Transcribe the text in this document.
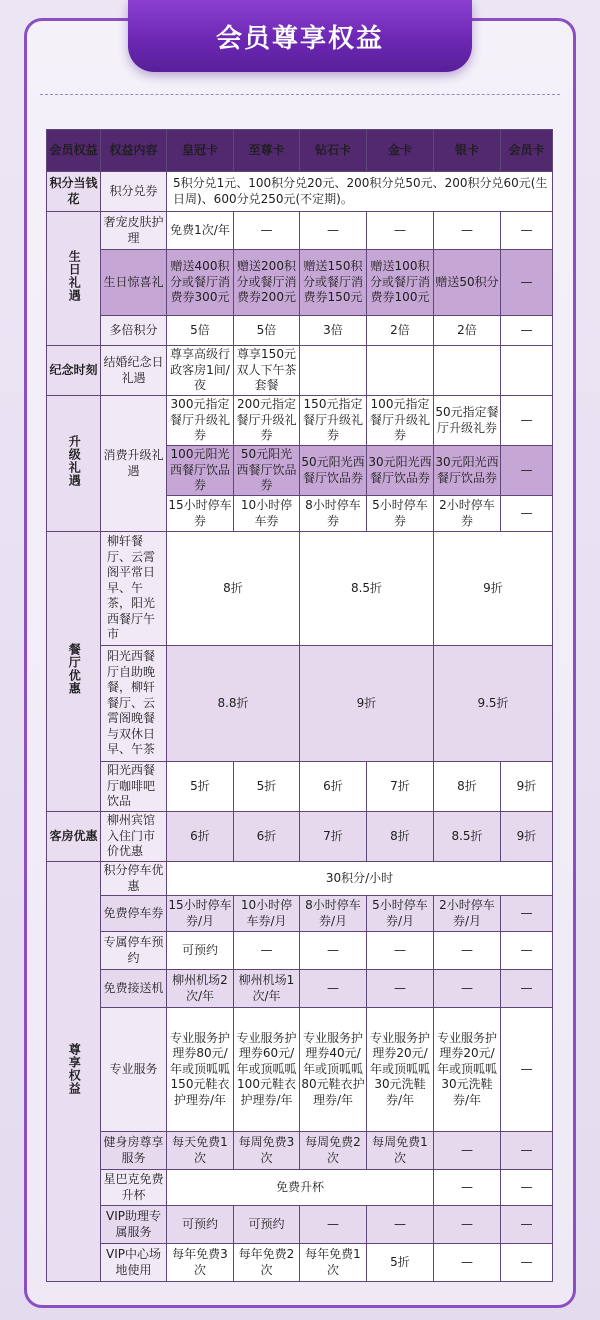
会员尊享权益
会员权益	权益内容	皇冠卡	至尊卡	钻石卡	金卡	银卡	会员卡
积分当钱花	积分兑券	5积分兑1元、100积分兑20元、200积分兑50元、200积分兑60元(生日周)、600分兑250元(不定期)。					
生日礼遇	奢宠皮肤护理	免费1次/年	—	—	—	—	—
	生日惊喜礼	赠送400积分或餐厅消费券300元	赠送200积分或餐厅消费券200元	赠送150积分或餐厅消费券150元	赠送100积分或餐厅消费券100元	赠送50积分	—
	多倍积分	5倍	5倍	3倍	2倍	2倍	—
纪念时刻	结婚纪念日礼遇	尊享高级行政客房1间/夜	尊享150元双人下午茶套餐				
升级礼遇	消费升级礼遇	300元指定餐厅升级礼券	200元指定餐厅升级礼券	150元指定餐厅升级礼券	100元指定餐厅升级礼券	50元指定餐厅升级礼券	—
		100元阳光西餐厅饮品券	50元阳光西餐厅饮品券	50元阳光西餐厅饮品券	30元阳光西餐厅饮品券	30元阳光西餐厅饮品券	—
		15小时停车券	10小时停车券	8小时停车券	5小时停车券	2小时停车券	—
餐厅优惠	柳轩餐厅、云霄阁平常日早、午茶，阳光西餐厅午市	8折		8.5折		9折	
	阳光西餐厅自助晚餐，柳轩餐厅、云霄阁晚餐与双休日早、午茶	8.8折		9折		9.5折	
	阳光西餐厅咖啡吧饮品	5折	5折	6折	7折	8折	9折
客房优惠	柳州宾馆入住门市价优惠	6折	6折	7折	8折	8.5折	9折
尊享权益	积分停车优惠	30积分/小时					
	免费停车券	15小时停车券/月	10小时停车券/月	8小时停车券/月	5小时停车券/月	2小时停车券/月	—
	专属停车预约	可预约	—	—	—	—	—
	免费接送机	柳州机场2次/年	柳州机场1次/年	—	—	—	—
	专业服务	专业服务护理券80元/年或顶呱呱150元鞋衣护理券/年	专业服务护理券60元/年或顶呱呱100元鞋衣护理券/年	专业服务护理券40元/年或顶呱呱80元鞋衣护理券/年	专业服务护理券20元/年或顶呱呱30元洗鞋券/年	专业服务护理券20元/年或顶呱呱30元洗鞋券/年	—
	健身房尊享服务	每天免费1次	每周免费3次	每周免费2次	每周免费1次	—	—
	星巴克免费升杯	免费升杯				—	—
	VIP助理专属服务	可预约	可预约	—	—	—	—
	VIP中心场地使用	每年免费3次	每年免费2次	每年免费1次	5折	—	—
